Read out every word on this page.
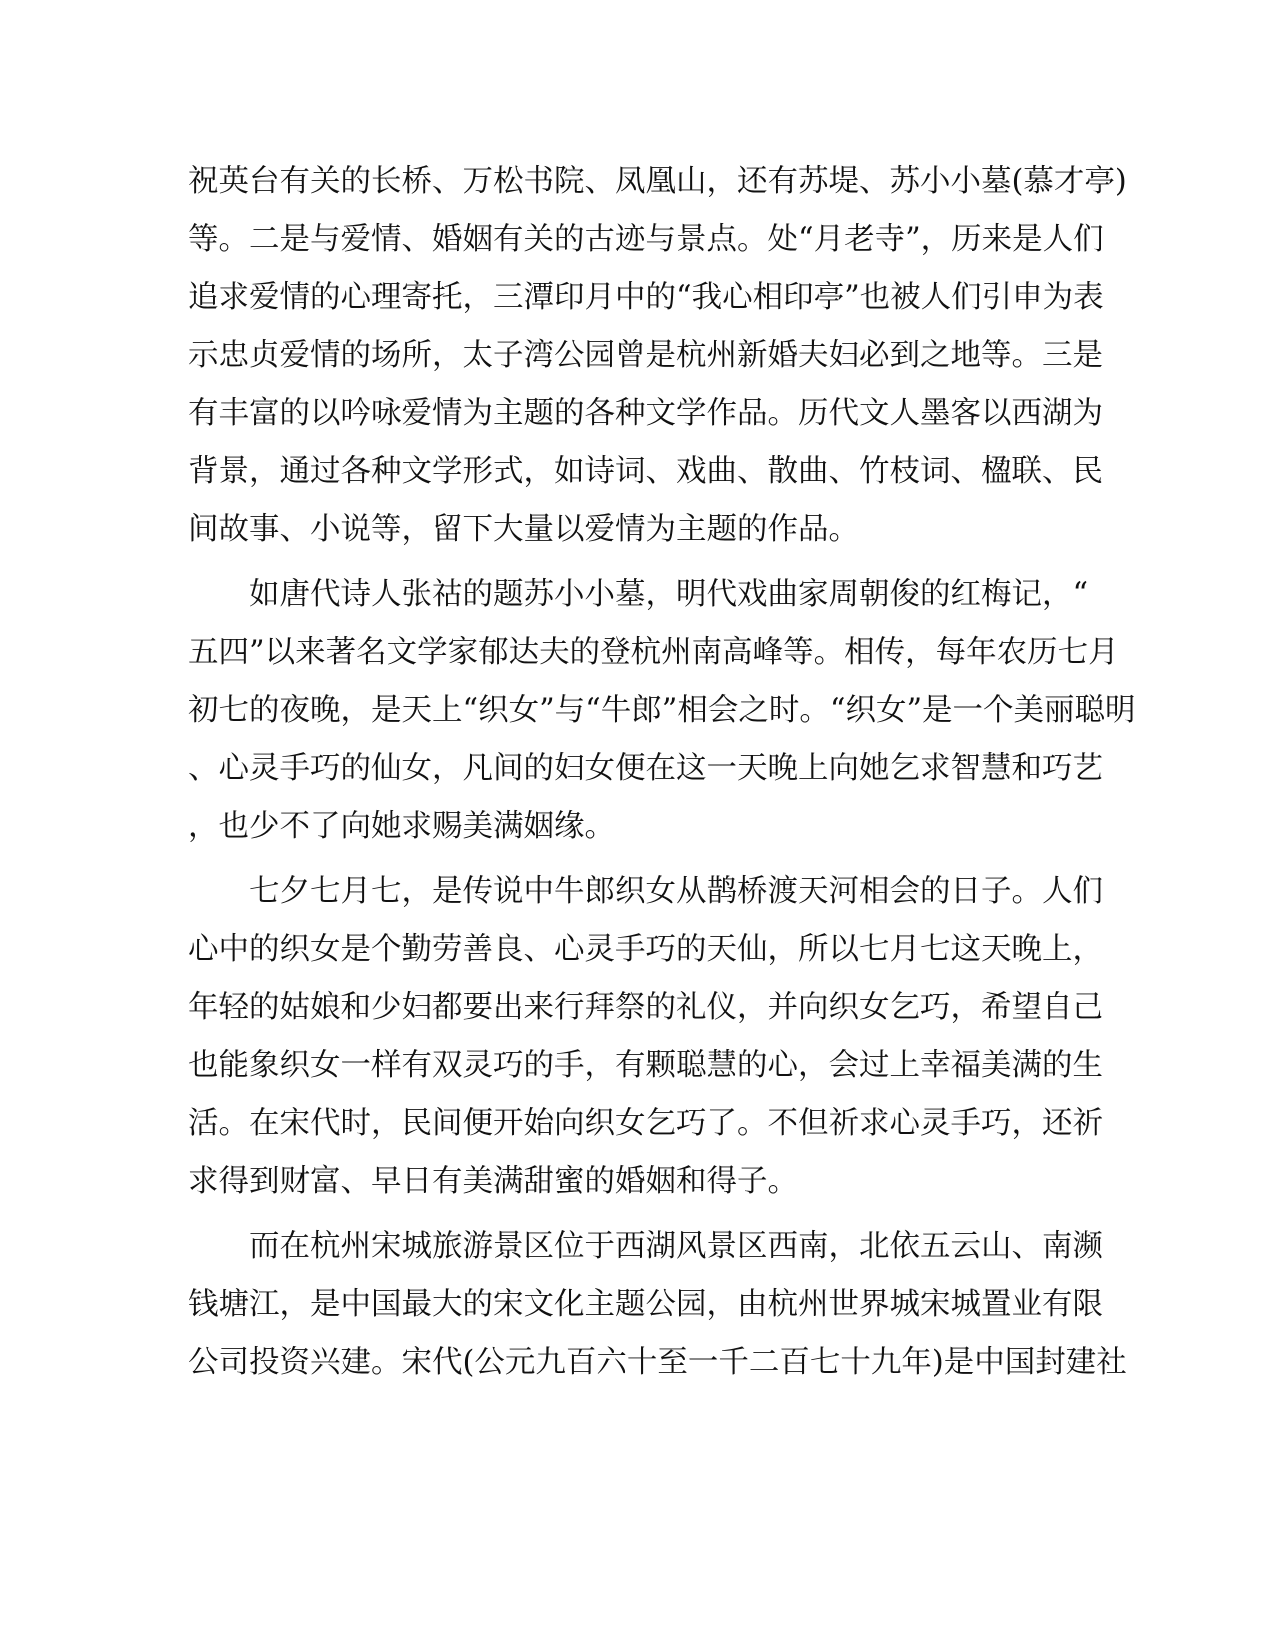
祝英台有关的长桥、万松书院、凤凰山，还有苏堤、苏小小墓(慕才亭)
等。二是与爱情、婚姻有关的古迹与景点。处“月老寺”，历来是人们
追求爱情的心理寄托，三潭印月中的“我心相印亭”也被人们引申为表
示忠贞爱情的场所，太子湾公园曾是杭州新婚夫妇必到之地等。三是
有丰富的以吟咏爱情为主题的各种文学作品。历代文人墨客以西湖为
背景，通过各种文学形式，如诗词、戏曲、散曲、竹枝词、楹联、民
间故事、小说等，留下大量以爱情为主题的作品。
　　如唐代诗人张祜的题苏小小墓，明代戏曲家周朝俊的红梅记，“
五四”以来著名文学家郁达夫的登杭州南高峰等。相传，每年农历七月
初七的夜晚，是天上“织女”与“牛郎”相会之时。“织女”是一个美丽聪明
、心灵手巧的仙女，凡间的妇女便在这一天晚上向她乞求智慧和巧艺
，也少不了向她求赐美满姻缘。
　　七夕七月七，是传说中牛郎织女从鹊桥渡天河相会的日子。人们
心中的织女是个勤劳善良、心灵手巧的天仙，所以七月七这天晚上，
年轻的姑娘和少妇都要出来行拜祭的礼仪，并向织女乞巧，希望自己
也能象织女一样有双灵巧的手，有颗聪慧的心，会过上幸福美满的生
活。在宋代时，民间便开始向织女乞巧了。不但祈求心灵手巧，还祈
求得到财富、早日有美满甜蜜的婚姻和得子。
　　而在杭州宋城旅游景区位于西湖风景区西南，北依五云山、南濒
钱塘江，是中国最大的宋文化主题公园，由杭州世界城宋城置业有限
公司投资兴建。宋代(公元九百六十至一千二百七十九年)是中国封建社
